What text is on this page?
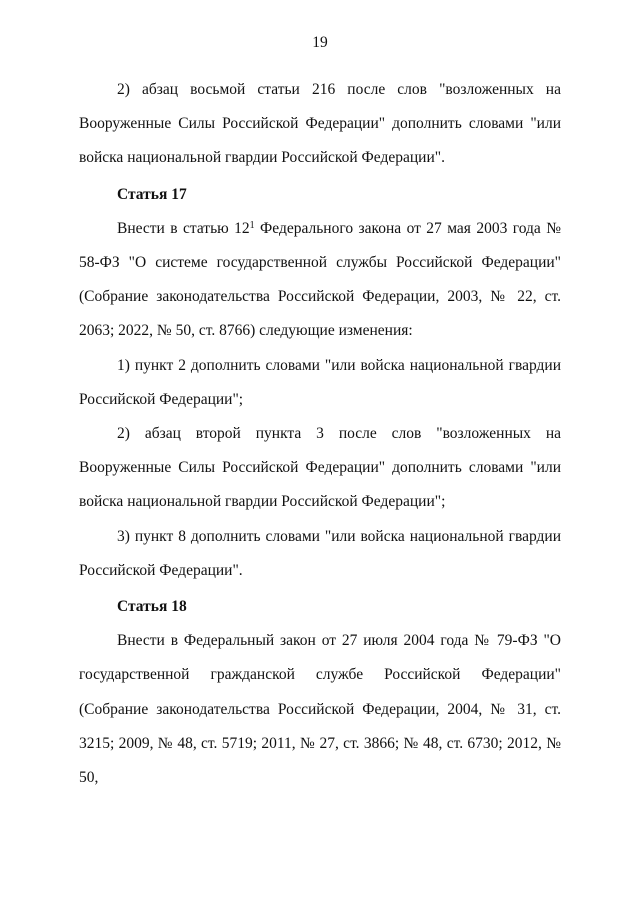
19

2) абзац восьмой статьи 216 после слов "возложенных на Вооруженные Силы Российской Федерации" дополнить словами "или войска национальной гвардии Российской Федерации".

Статья 17

Внести в статью $12^1$ Федерального закона от 27 мая 2003 года № 58-ФЗ "О системе государственной службы Российской Федерации" (Собрание законодательства Российской Федерации, 2003, № 22, ст. 2063; 2022, № 50, ст. 8766) следующие изменения:

1) пункт 2 дополнить словами "или войска национальной гвардии Российской Федерации";

2) абзац второй пункта 3 после слов "возложенных на Вооруженные Силы Российской Федерации" дополнить словами "или войска национальной гвардии Российской Федерации";

3) пункт 8 дополнить словами "или войска национальной гвардии Российской Федерации".

Статья 18

Внести в Федеральный закон от 27 июля 2004 года № 79-ФЗ "О государственной гражданской службе Российской Федерации" (Собрание законодательства Российской Федерации, 2004, № 31, ст. 3215; 2009, № 48, ст. 5719; 2011, № 27, ст. 3866; № 48, ст. 6730; 2012, № 50,
